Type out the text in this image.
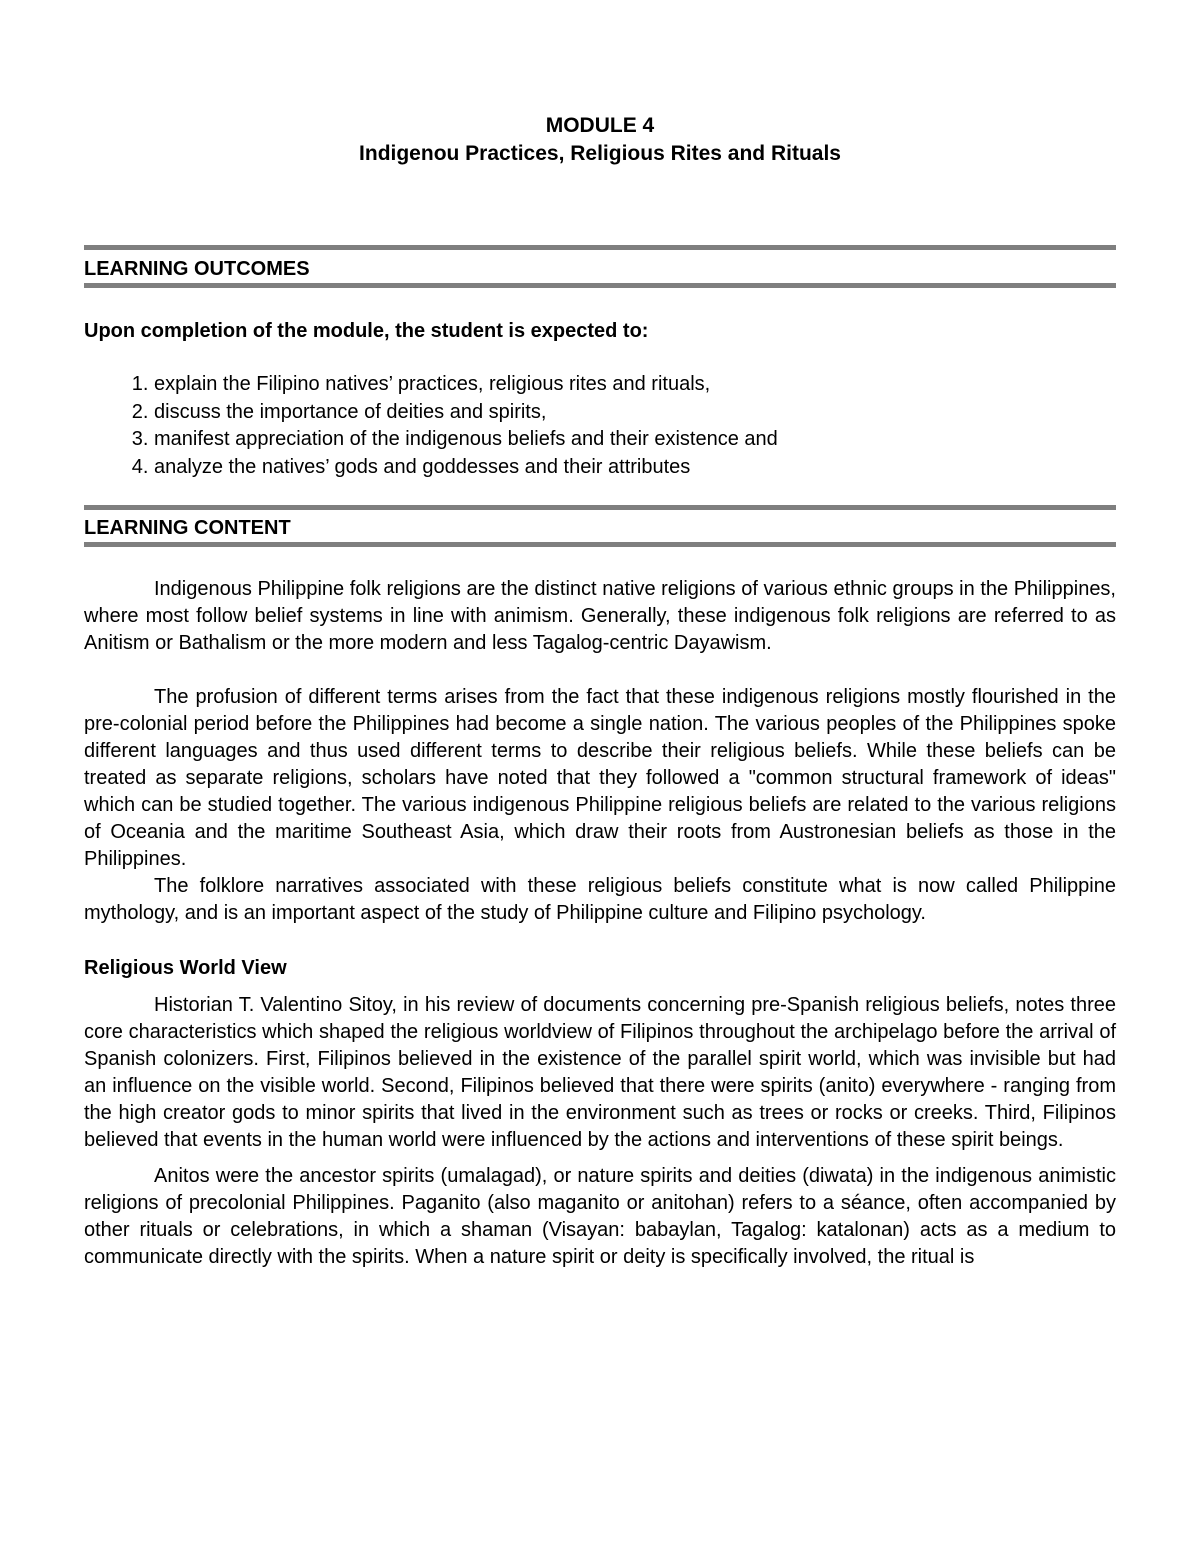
MODULE 4
Indigenou Practices, Religious Rites and Rituals
LEARNING OUTCOMES
Upon completion of the module, the student is expected to:
1. explain the Filipino natives’ practices, religious rites and rituals,
2. discuss the importance of deities and spirits,
3. manifest appreciation of the indigenous beliefs and their existence and
4. analyze the natives’ gods and goddesses and their attributes
LEARNING CONTENT

Indigenous Philippine folk religions are the distinct native religions of various ethnic groups in the Philippines, where most follow belief systems in line with animism. Generally, these indigenous folk religions are referred to as Anitism or Bathalism or the more modern and less Tagalog-centric Dayawism.

The profusion of different terms arises from the fact that these indigenous religions mostly flourished in the pre-colonial period before the Philippines had become a single nation. The various peoples of the Philippines spoke different languages and thus used different terms to describe their religious beliefs. While these beliefs can be treated as separate religions, scholars have noted that they followed a "common structural framework of ideas" which can be studied together. The various indigenous Philippine religious beliefs are related to the various religions of Oceania and the maritime Southeast Asia, which draw their roots from Austronesian beliefs as those in the Philippines.

The folklore narratives associated with these religious beliefs constitute what is now called Philippine mythology, and is an important aspect of the study of Philippine culture and Filipino psychology.

Religious World View

Historian T. Valentino Sitoy, in his review of documents concerning pre-Spanish religious beliefs, notes three core characteristics which shaped the religious worldview of Filipinos throughout the archipelago before the arrival of Spanish colonizers. First, Filipinos believed in the existence of the parallel spirit world, which was invisible but had an influence on the visible world. Second, Filipinos believed that there were spirits (anito) everywhere - ranging from the high creator gods to minor spirits that lived in the environment such as trees or rocks or creeks. Third, Filipinos believed that events in the human world were influenced by the actions and interventions of these spirit beings.

Anitos were the ancestor spirits (umalagad), or nature spirits and deities (diwata) in the indigenous animistic religions of precolonial Philippines. Paganito (also maganito or anitohan) refers to a séance, often accompanied by other rituals or celebrations, in which a shaman (Visayan: babaylan, Tagalog: katalonan) acts as a medium to communicate directly with the spirits. When a nature spirit or deity is specifically involved, the ritual is
